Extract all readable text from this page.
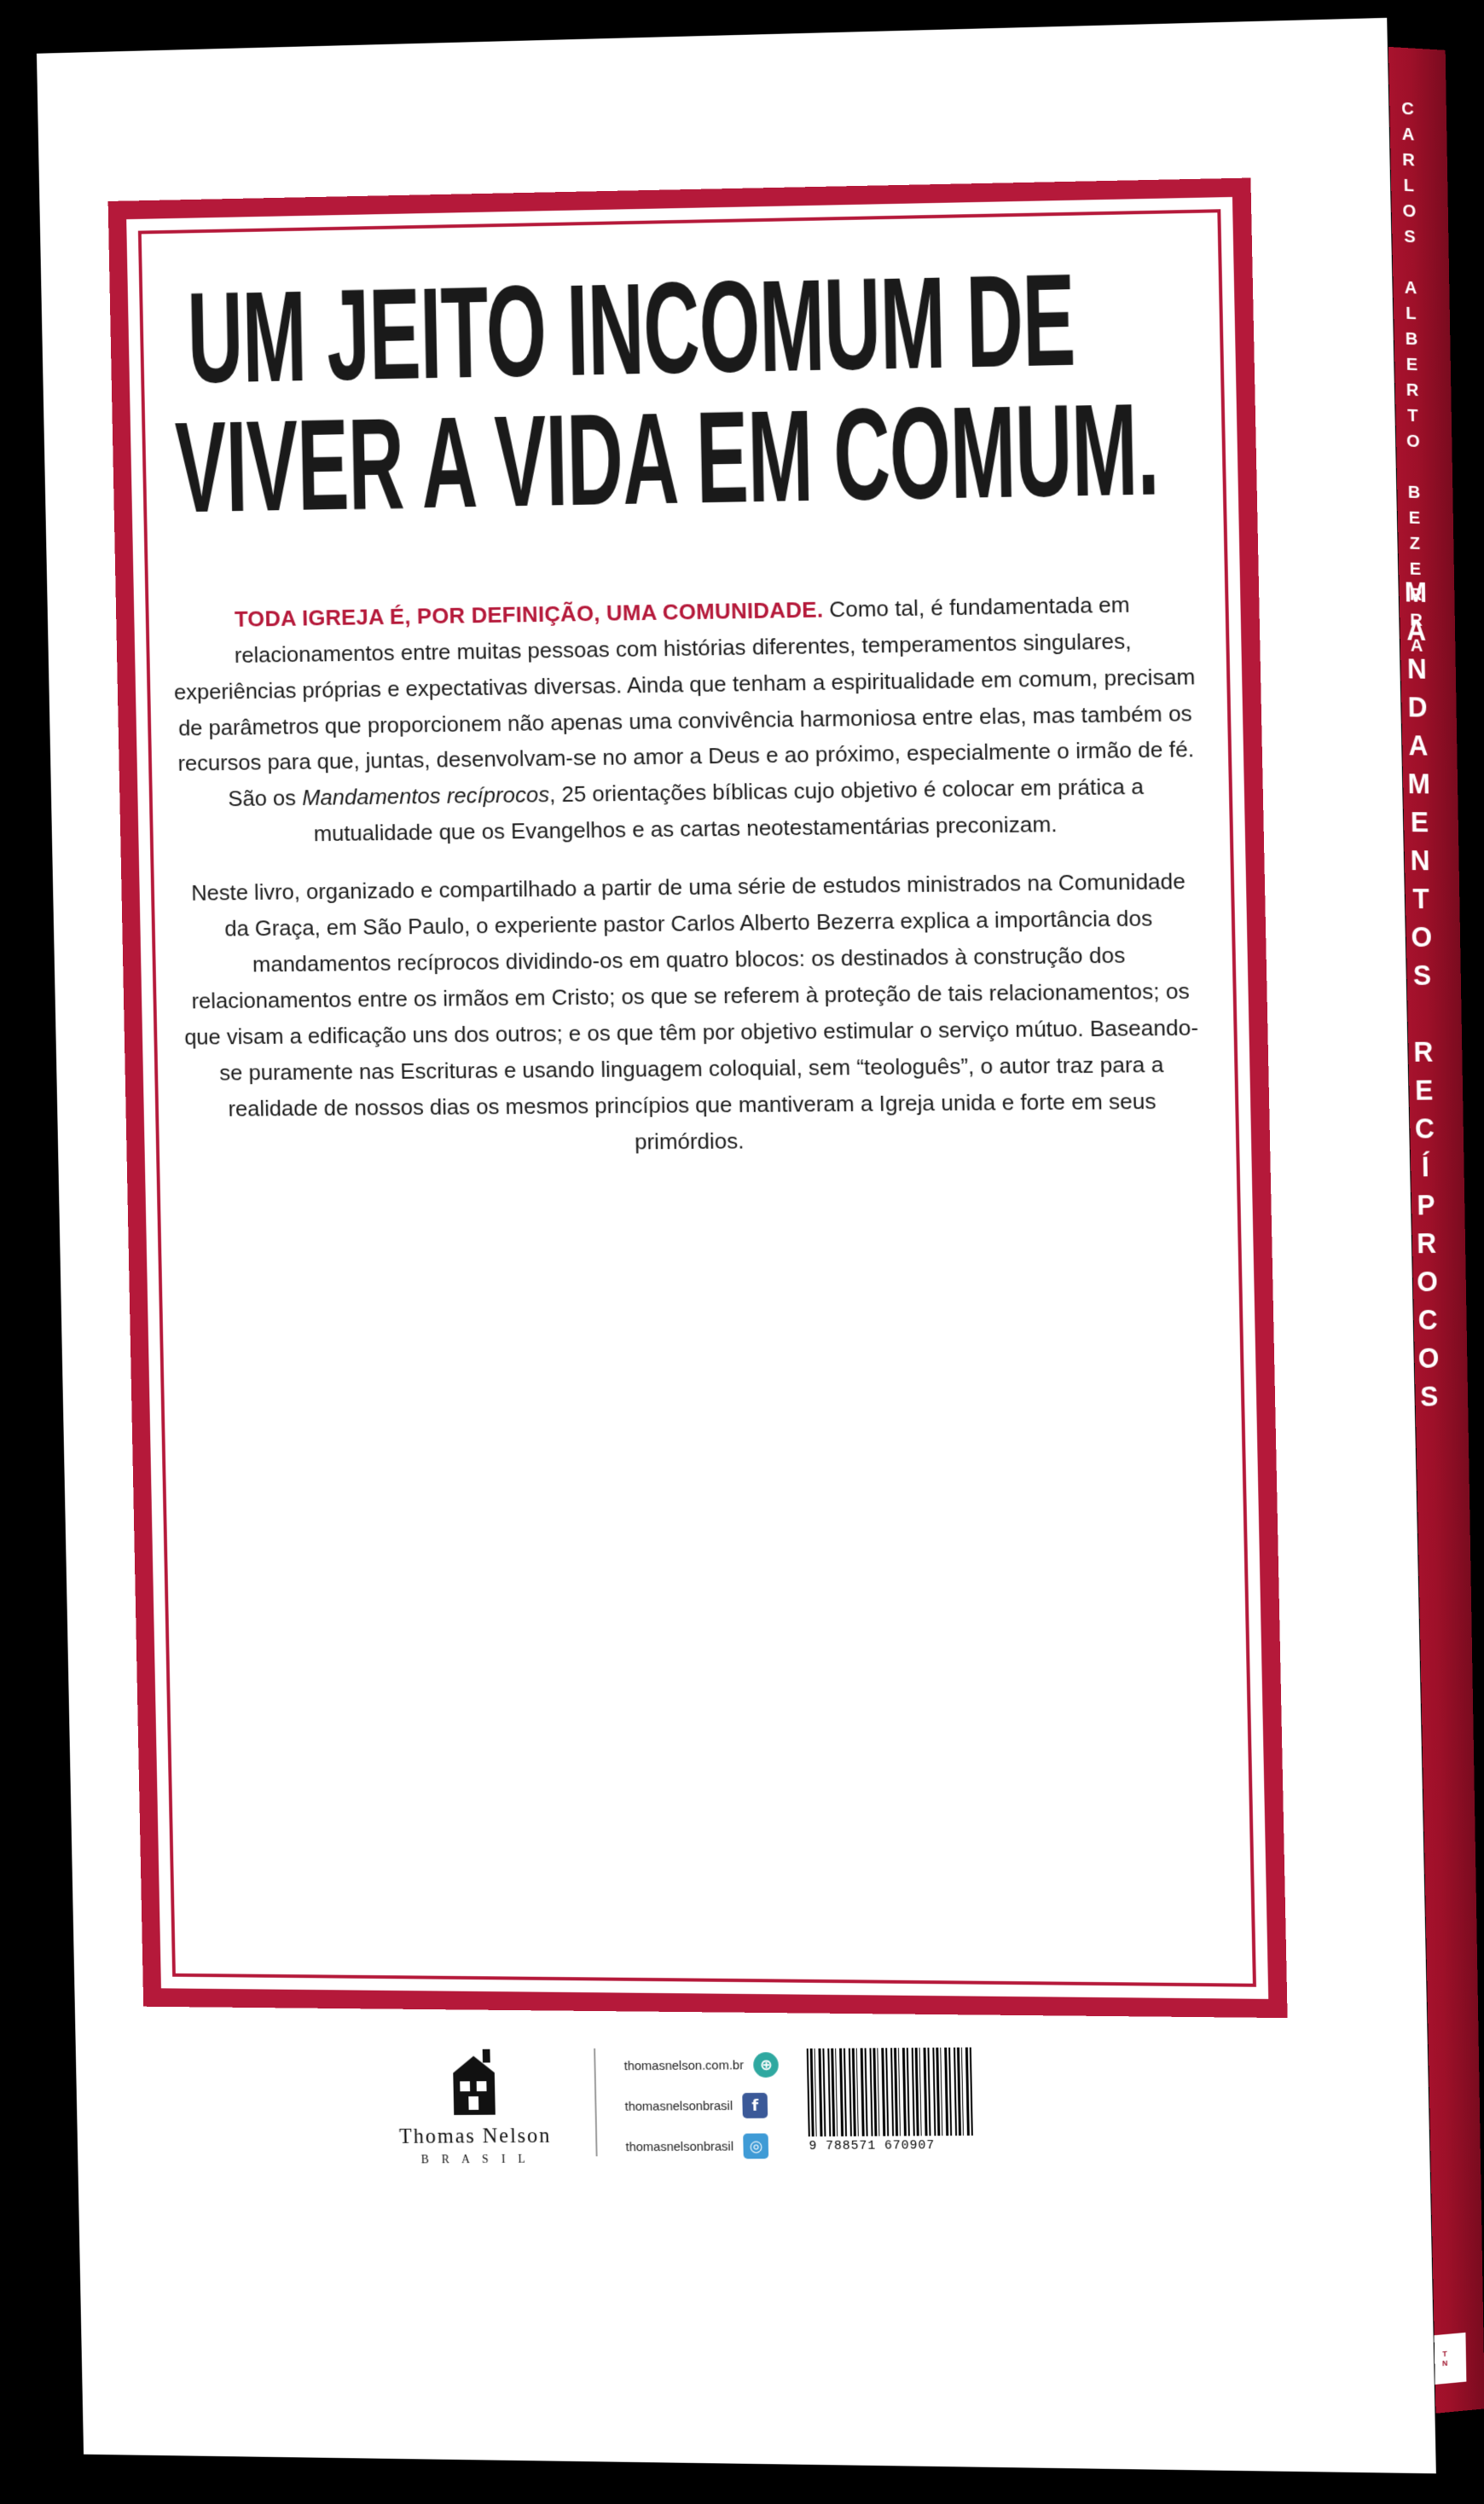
CARLOS ALBERTO BEZERRA
MANDAMENTOS RECÍPROCOS
TN
UM JEITO INCOMUM DE
VIVER A VIDA EM COMUM.

TODA IGREJA É, POR DEFINIÇÃO, UMA COMUNIDADE. Como tal, é fundamentada em relacionamentos entre muitas pessoas com histórias diferentes, temperamentos singulares, experiências próprias e expectativas diversas. Ainda que tenham a espiritualidade em comum, precisam de parâmetros que proporcionem não apenas uma convivência harmoniosa entre elas, mas também os recursos para que, juntas, desenvolvam-se no amor a Deus e ao próximo, especialmente o irmão de fé. São os Mandamentos recíprocos, 25 orientações bíblicas cujo objetivo é colocar em prática a mutualidade que os Evangelhos e as cartas neotestamentárias preconizam.

Neste livro, organizado e compartilhado a partir de uma série de estudos ministrados na Comunidade da Graça, em São Paulo, o experiente pastor Carlos Alberto Bezerra explica a importância dos mandamentos recíprocos dividindo-os em quatro blocos: os destinados à construção dos relacionamentos entre os irmãos em Cristo; os que se referem à proteção de tais relacionamentos; os que visam a edificação uns dos outros; e os que têm por objetivo estimular o serviço mútuo. Baseando-se puramente nas Escrituras e usando linguagem coloquial, sem “teologuês”, o autor traz para a realidade de nossos dias os mesmos princípios que mantiveram a Igreja unida e forte em seus primórdios.

Thomas Nelson
B R A S I L
thomasnelson.com.br	⊕
thomasnelsonbrasil	f
thomasnelsonbrasil	◎	9 788571 670907
